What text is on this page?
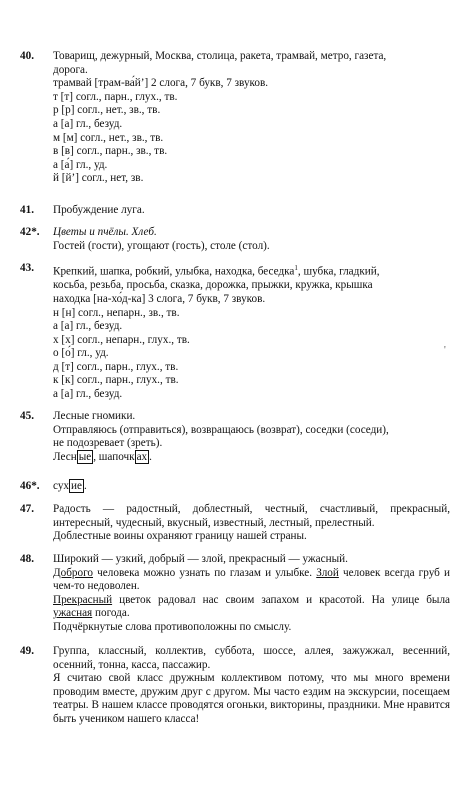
40. Товарищ, дежурный, Москва, столица, ракета, трамвай, метро, газета,
дорога.
трамвай [трам-ва́й’] 2 слога, 7 букв, 7 звуков.
т [т] согл., парн., глух., тв.
р [р] согл., нет., зв., тв.
а [а] гл., безуд.
м [м] согл., нет., зв., тв.
в [в] согл., парн., зв., тв.
а [а́] гл., уд.
й [й’] согл., нет, зв.
41. Пробуждение луга.
42*. Цветы и пчёлы. Хлеб.
Гостей (гости), угощают (гость), столе (стол).
43. Крепкий, шапка, робкий, улыбка, находка, беседка$^1$, шубка, гладкий,
косьба, резьба, просьба, сказка, дорожка, прыжки, кружка, крышка
находка [на-хо́д-ка] 3 слога, 7 букв, 7 звуков.
н [н] согл., непарн., зв., тв.
а [а] гл., безуд.
х [х] согл., непарн., глух., тв.
о [о́] гл., уд.
д [т] согл., парн., глух., тв.
к [к] согл., парн., глух., тв.
а [а] гл., безуд.
'
45. Лесные гномики.
Отправляюсь (отправиться), возвращаюсь (возврат), соседки (соседи),
не подозревает (зреть).
Лесн ые , шапочк ах .
46*. сух ие .
47. Радость — радостный, доблестный, честный, счастливый, прекрасный, интересный, чудесный, вкусный, известный, лестный, прелестный.
Доблестные воины охраняют границу нашей страны.
48. Широкий — узкий, добрый — злой, прекрасный — ужасный.
Доброго человека можно узнать по глазам и улыбке. Злой человек всегда груб и чем-то недоволен.
Прекрасный цветок радовал нас своим запахом и красотой. На улице была ужасная погода.
Подчёркнутые слова противоположны по смыслу.
49. Группа, классный, коллектив, суббота, шоссе, аллея, зажужжал, весенний, осенний, тонна, касса, пассажир.
Я считаю свой класс дружным коллективом потому, что мы много времени проводим вместе, дружим друг с другом. Мы часто ездим на экскурсии, посещаем театры. В нашем классе проводятся огоньки, викторины, праздники. Мне нравится быть учеником нашего класса!
